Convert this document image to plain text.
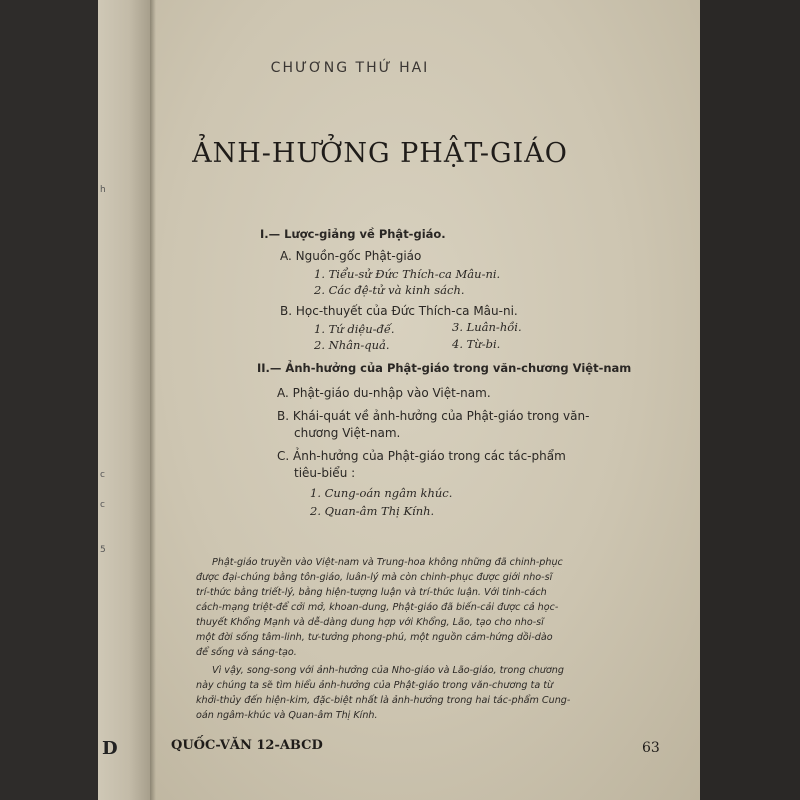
D
h
c
c
5
CHƯƠNG THỨ HAI
ẢNH-HƯỞNG PHẬT-GIÁO
I.— Lược-giảng về Phật-giáo.
A. Nguồn-gốc Phật-giáo
1. Tiểu-sử Đức Thích-ca Mâu-ni.
2. Các đệ-tử và kinh sách.
B. Học-thuyết của Đức Thích-ca Mâu-ni.
1. Tứ diệu-đế.	3. Luân-hồi.
2. Nhân-quả.	4. Từ-bi.
II.— Ảnh-hưởng của Phật-giáo trong văn-chương Việt-nam
A. Phật-giáo du-nhập vào Việt-nam.
B. Khái-quát về ảnh-hưởng của Phật-giáo trong văn-
chương Việt-nam.
C. Ảnh-hưởng của Phật-giáo trong các tác-phẩm
tiêu-biểu :
1. Cung-oán ngâm khúc.
2. Quan-âm Thị Kính.
Phật-giáo truyền vào Việt-nam và Trung-hoa không những đã chinh-phục
được đại-chúng bằng tôn-giáo, luân-lý mà còn chinh-phục được giới nho-sĩ
trí-thức bằng triết-lý, bằng hiện-tượng luận và trí-thức luận. Với tinh-cách
cách-mạng triệt-để cởi mở, khoan-dung, Phật-giáo đã biến-cải được cả học-
thuyết Khổng Mạnh và dễ-dàng dung hợp với Khổng, Lão, tạo cho nho-sĩ
một đời sống tâm-linh, tư-tưởng phong-phú, một nguồn cảm-hứng dồi-dào
để sống và sáng-tạo.
Vì vậy, song-song với ảnh-hưởng của Nho-giáo và Lão-giáo, trong chương
này chúng ta sẽ tìm hiểu ảnh-hưởng của Phật-giáo trong văn-chương ta từ
khởi-thủy đến hiện-kim, đặc-biệt nhất là ảnh-hưởng trong hai tác-phẩm Cung-
oán ngâm-khúc và Quan-âm Thị Kính.
QUỐC-VĂN 12-ABCD	63
